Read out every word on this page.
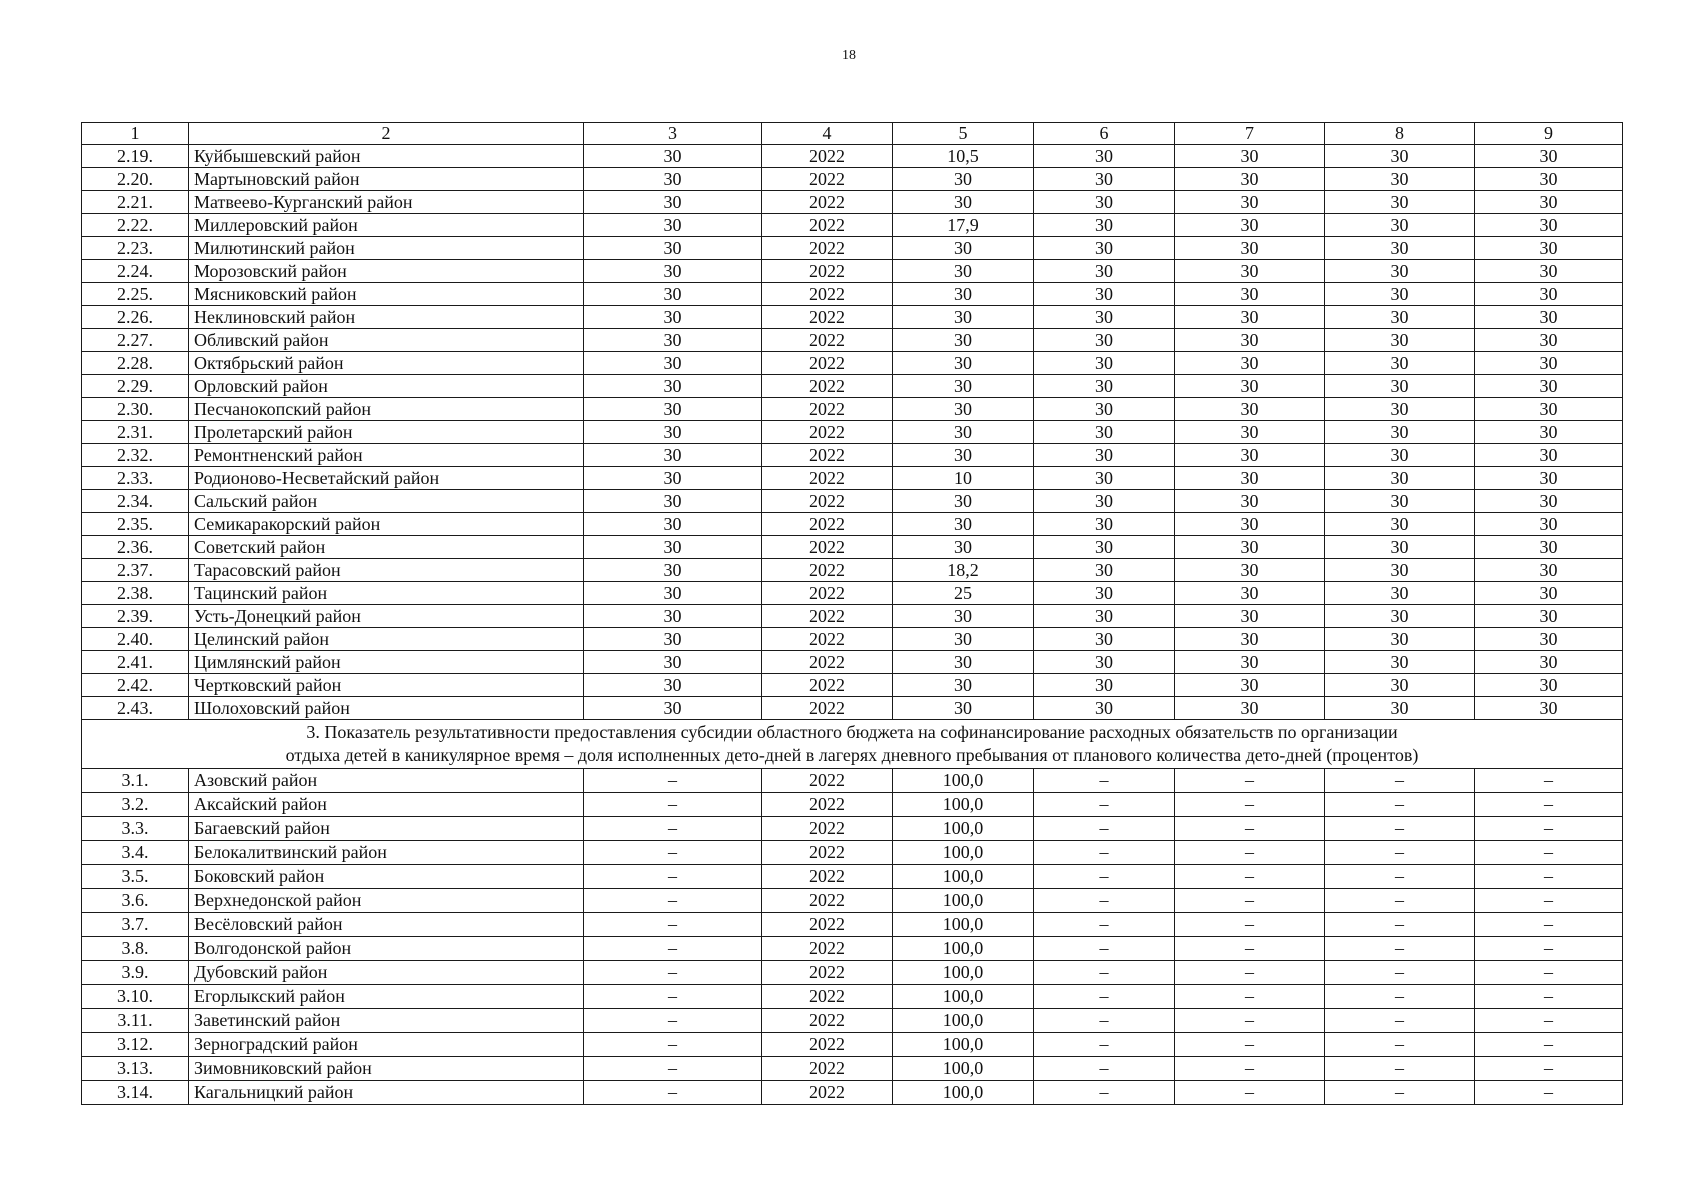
18
1	2	3	4	5	6	7	8	9
2.19.	Куйбышевский район	30	2022	10,5	30	30	30	30
2.20.	Мартыновский район	30	2022	30	30	30	30	30
2.21.	Матвеево-Курганский район	30	2022	30	30	30	30	30
2.22.	Миллеровский район	30	2022	17,9	30	30	30	30
2.23.	Милютинский район	30	2022	30	30	30	30	30
2.24.	Морозовский район	30	2022	30	30	30	30	30
2.25.	Мясниковский район	30	2022	30	30	30	30	30
2.26.	Неклиновский район	30	2022	30	30	30	30	30
2.27.	Обливский район	30	2022	30	30	30	30	30
2.28.	Октябрьский район	30	2022	30	30	30	30	30
2.29.	Орловский район	30	2022	30	30	30	30	30
2.30.	Песчанокопский район	30	2022	30	30	30	30	30
2.31.	Пролетарский район	30	2022	30	30	30	30	30
2.32.	Ремонтненский район	30	2022	30	30	30	30	30
2.33.	Родионово-Несветайский район	30	2022	10	30	30	30	30
2.34.	Сальский район	30	2022	30	30	30	30	30
2.35.	Семикаракорский район	30	2022	30	30	30	30	30
2.36.	Советский район	30	2022	30	30	30	30	30
2.37.	Тарасовский район	30	2022	18,2	30	30	30	30
2.38.	Тацинский район	30	2022	25	30	30	30	30
2.39.	Усть-Донецкий район	30	2022	30	30	30	30	30
2.40.	Целинский район	30	2022	30	30	30	30	30
2.41.	Цимлянский район	30	2022	30	30	30	30	30
2.42.	Чертковский район	30	2022	30	30	30	30	30
2.43.	Шолоховский район	30	2022	30	30	30	30	30

3. Показатель результативности предоставления субсидии областного бюджета на софинансирование расходных обязательств по организации
отдыха детей в каникулярное время – доля исполненных дето-дней в лагерях дневного пребывания от планового количества дето-дней (процентов)								

3.1.	Азовский район	–	2022	100,0	–	–	–	–
3.2.	Аксайский район	–	2022	100,0	–	–	–	–
3.3.	Багаевский район	–	2022	100,0	–	–	–	–
3.4.	Белокалитвинский район	–	2022	100,0	–	–	–	–
3.5.	Боковский район	–	2022	100,0	–	–	–	–
3.6.	Верхнедонской район	–	2022	100,0	–	–	–	–
3.7.	Весёловский район	–	2022	100,0	–	–	–	–
3.8.	Волгодонской район	–	2022	100,0	–	–	–	–
3.9.	Дубовский район	–	2022	100,0	–	–	–	–
3.10.	Егорлыкский район	–	2022	100,0	–	–	–	–
3.11.	Заветинский район	–	2022	100,0	–	–	–	–
3.12.	Зерноградский район	–	2022	100,0	–	–	–	–
3.13.	Зимовниковский район	–	2022	100,0	–	–	–	–
3.14.	Кагальницкий район	–	2022	100,0	–	–	–	–
